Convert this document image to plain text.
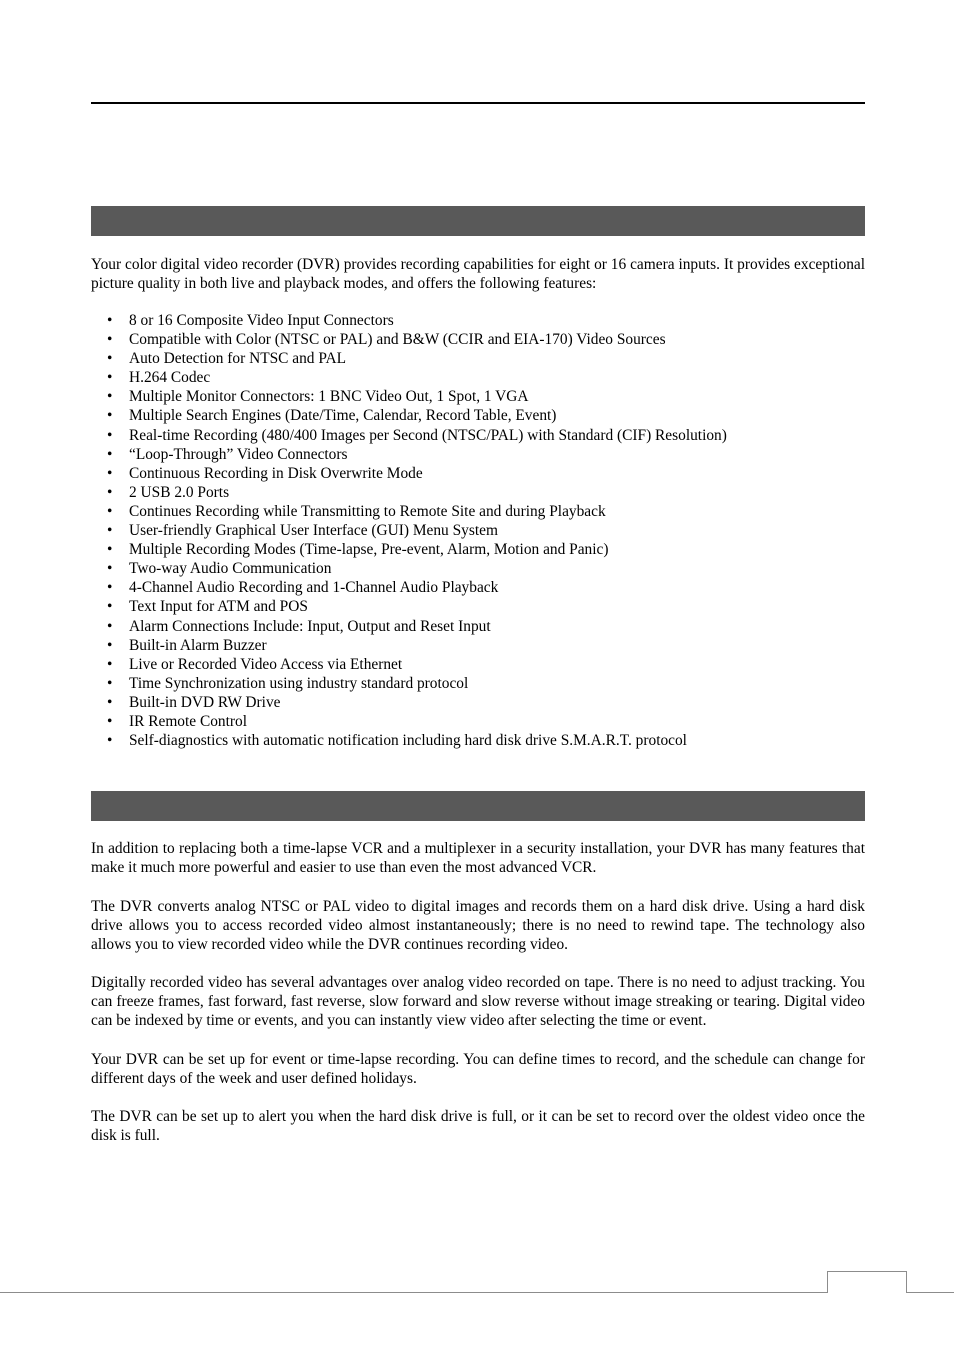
Your color digital video recorder (DVR) provides recording capabilities for eight or 16 camera inputs. It provides exceptional picture quality in both live and playback modes, and offers the following features:

• 8 or 16 Composite Video Input Connectors
• Compatible with Color (NTSC or PAL) and B&W (CCIR and EIA-170) Video Sources
• Auto Detection for NTSC and PAL
• H.264 Codec
• Multiple Monitor Connectors: 1 BNC Video Out, 1 Spot, 1 VGA
• Multiple Search Engines (Date/Time, Calendar, Record Table, Event)
• Real-time Recording (480/400 Images per Second (NTSC/PAL) with Standard (CIF) Resolution)
• “Loop-Through” Video Connectors
• Continuous Recording in Disk Overwrite Mode
• 2 USB 2.0 Ports
• Continues Recording while Transmitting to Remote Site and during Playback
• User-friendly Graphical User Interface (GUI) Menu System
• Multiple Recording Modes (Time-lapse, Pre-event, Alarm, Motion and Panic)
• Two-way Audio Communication
• 4-Channel Audio Recording and 1-Channel Audio Playback
• Text Input for ATM and POS
• Alarm Connections Include: Input, Output and Reset Input
• Built-in Alarm Buzzer
• Live or Recorded Video Access via Ethernet
• Time Synchronization using industry standard protocol
• Built-in DVD RW Drive
• IR Remote Control
• Self-diagnostics with automatic notification including hard disk drive S.M.A.R.T. protocol

In addition to replacing both a time-lapse VCR and a multiplexer in a security installation, your DVR has many features that make it much more powerful and easier to use than even the most advanced VCR.

The DVR converts analog NTSC or PAL video to digital images and records them on a hard disk drive. Using a hard disk drive allows you to access recorded video almost instantaneously; there is no need to rewind tape. The technology also allows you to view recorded video while the DVR continues recording video.

Digitally recorded video has several advantages over analog video recorded on tape. There is no need to adjust tracking. You can freeze frames, fast forward, fast reverse, slow forward and slow reverse without image streaking or tearing. Digital video can be indexed by time or events, and you can instantly view video after selecting the time or event.

Your DVR can be set up for event or time-lapse recording. You can define times to record, and the schedule can change for different days of the week and user defined holidays.

The DVR can be set up to alert you when the hard disk drive is full, or it can be set to record over the oldest video once the disk is full.
